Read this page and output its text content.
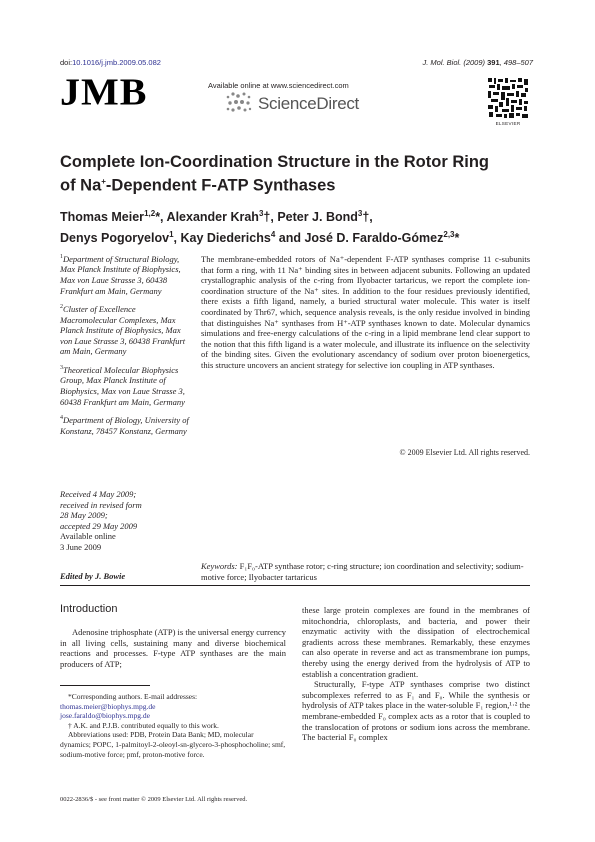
doi:10.1016/j.jmb.2009.05.082	J. Mol. Biol. (2009) 391, 498–507
JMB	Available online at www.sciencedirect.com
ScienceDirect
ELSEVIER
Complete Ion-Coordination Structure in the Rotor Ring
of Na+-Dependent F-ATP Synthases
Thomas Meier$^{1,2}$*, Alexander Krah$^3$†, Peter J. Bond$^3$†,
Denys Pogoryelov$^1$, Kay Diederichs$^4$ and José D. Faraldo-Gómez$^{2,3}$*

$^1$Department of Structural Biology, Max Planck Institute of Biophysics, Max von Laue Strasse 3, 60438 Frankfurt am Main, Germany

$^2$Cluster of Excellence Macromolecular Complexes, Max Planck Institute of Biophysics, Max von Laue Strasse 3, 60438 Frankfurt am Main, Germany

$^3$Theoretical Molecular Biophysics Group, Max Planck Institute of Biophysics, Max von Laue Strasse 3, 60438 Frankfurt am Main, Germany

$^4$Department of Biology, University of Konstanz, 78457 Konstanz, Germany

Received 4 May 2009;
received in revised form
28 May 2009;
accepted 29 May 2009
Available online
3 June 2009
Edited by J. Bowie
The membrane-embedded rotors of Na⁺-dependent F-ATP synthases comprise 11 c-subunits that form a ring, with 11 Na⁺ binding sites in between adjacent subunits. Following an updated crystallographic analysis of the c-ring from Ilyobacter tartaricus, we report the complete ion-coordination structure of the Na⁺ sites. In addition to the four residues previously identified, there exists a fifth ligand, namely, a buried structural water molecule. This water is itself coordinated by Thr67, which, sequence analysis reveals, is the only residue involved in binding that distinguishes Na⁺ synthases from H⁺-ATP synthases known to date. Molecular dynamics simulations and free-energy calculations of the c-ring in a lipid membrane lend clear support to the notion that this fifth ligand is a water molecule, and illustrate its influence on the selectivity of the binding sites. Given the evolutionary ascendancy of sodium over proton bioenergetics, this structure uncovers an ancient strategy for selective ion coupling in ATP synthases.
© 2009 Elsevier Ltd. All rights reserved.
Keywords: F₁F₀-ATP synthase rotor; c-ring structure; ion coordination and selectivity; sodium-motive force; Ilyobacter tartaricus
Introduction

Adenosine triphosphate (ATP) is the universal energy currency in all living cells, sustaining many and diverse biochemical reactions and processes. F-type ATP synthases are the main producers of ATP;

*Corresponding authors. E-mail addresses:

thomas.meier@biophys.mpg.de
jose.faraldo@biophys.mpg.de

† A.K. and P.J.B. contributed equally to this work.

Abbreviations used: PDB, Protein Data Bank; MD, molecular dynamics; POPC, 1-palmitoyl-2-oleoyl-sn-glycero-3-phosphocholine; smf, sodium-motive force; pmf, proton-motive force.

these large protein complexes are found in the membranes of mitochondria, chloroplasts, and bacteria, and power their enzymatic activity with the dissipation of electrochemical gradients across these membranes. Remarkably, these enzymes can also operate in reverse and act as transmembrane ion pumps, thereby using the energy derived from the hydrolysis of ATP to establish a concentration gradient.

Structurally, F-type ATP synthases comprise two distinct subcomplexes referred to as F₁ and F₀. While the synthesis or hydrolysis of ATP takes place in the water-soluble F₁ region,¹·² the membrane-embedded F₀ complex acts as a rotor that is coupled to the translocation of protons or sodium ions across the membrane. The bacterial F₀ complex

0022-2836/$ - see front matter © 2009 Elsevier Ltd. All rights reserved.
